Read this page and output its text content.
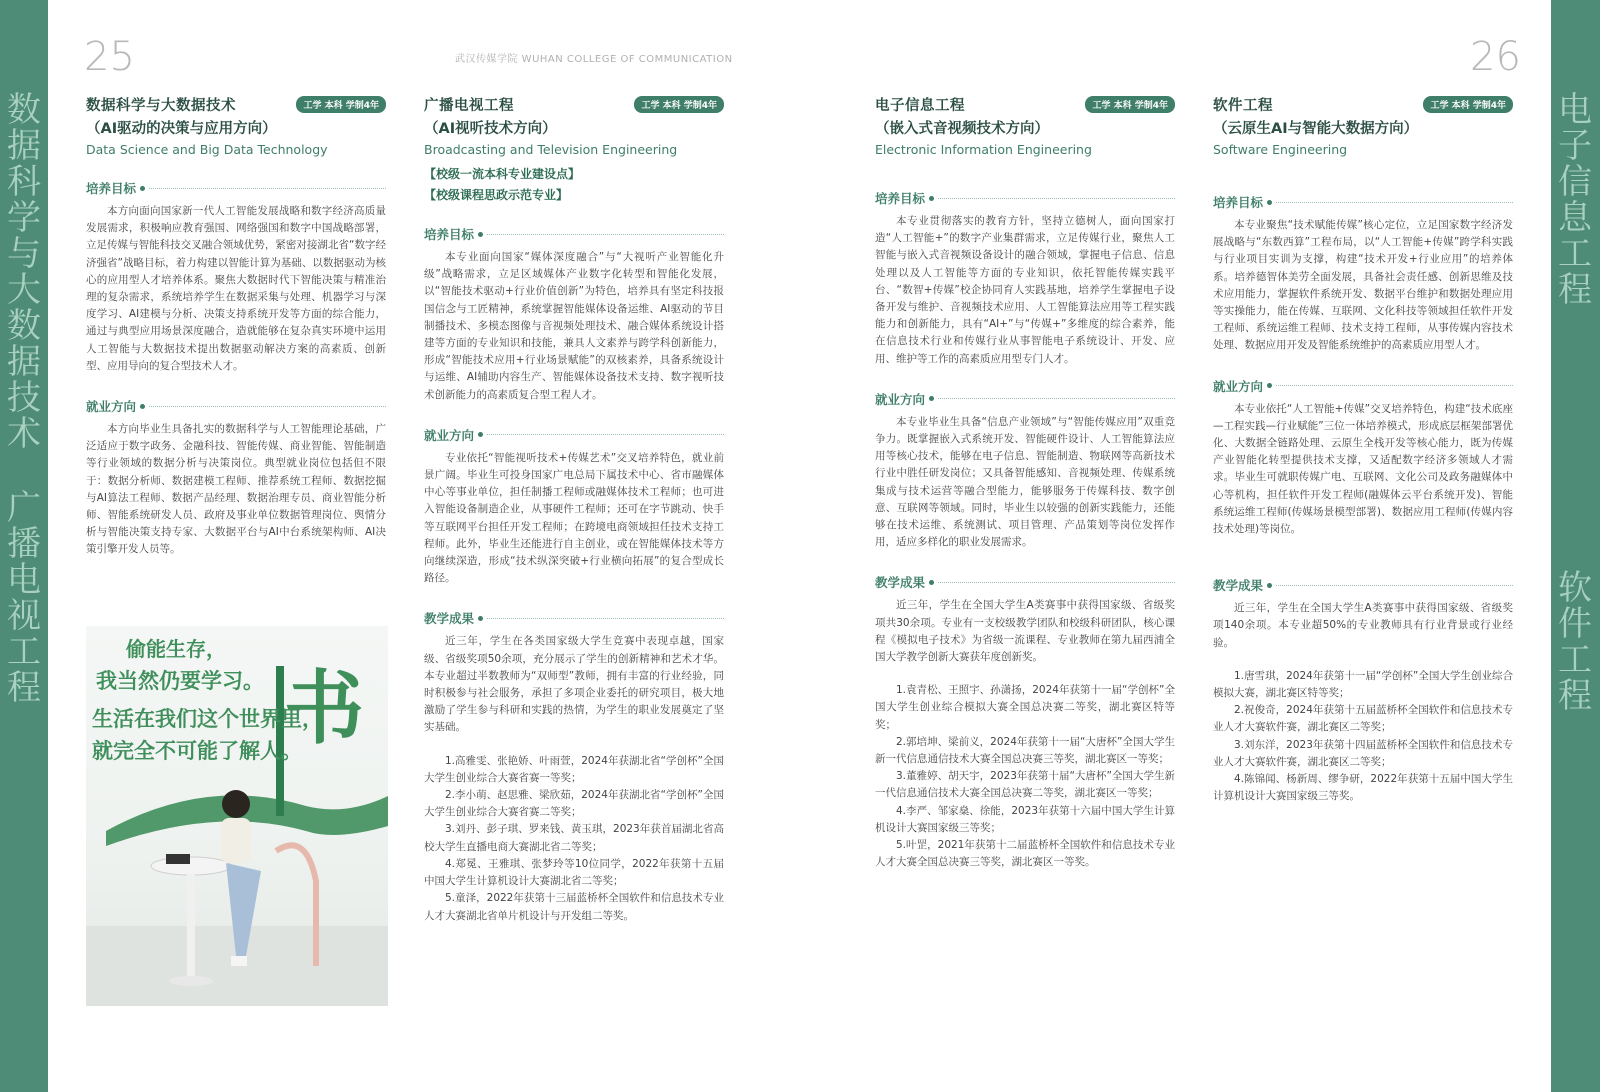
数据科学与大数据技术
广播电视工程
电子信息工程
软件工程
25	26
武汉传媒学院 WUHAN COLLEGE OF COMMUNICATION
数据科学与大数据技术	工学 本科 学制4年
（AI驱动的决策与应用方向）
Data Science and Big Data Technology
培养目标

本方向面向国家新一代人工智能发展战略和数字经济高质量发展需求，积极响应教育强国、网络强国和数字中国战略部署，立足传媒与智能科技交叉融合领域优势，紧密对接湖北省“数字经济强省”战略目标，着力构建以智能计算为基础、以数据驱动为核心的应用型人才培养体系。聚焦大数据时代下智能决策与精准治理的复杂需求，系统培养学生在数据采集与处理、机器学习与深度学习、AI建模与分析、决策支持系统开发等方面的综合能力，通过与典型应用场景深度融合，造就能够在复杂真实环境中运用人工智能与大数据技术提出数据驱动解决方案的高素质、创新型、应用导向的复合型技术人才。

就业方向

本方向毕业生具备扎实的数据科学与人工智能理论基础，广泛适应于数字政务、金融科技、智能传媒、商业智能、智能制造等行业领域的数据分析与决策岗位。典型就业岗位包括但不限于：数据分析师、数据建模工程师、推荐系统工程师、数据挖掘与AI算法工程师、数据产品经理、数据治理专员、商业智能分析师、智能系统研发人员、政府及事业单位数据管理岗位、舆情分析与智能决策支持专家、大数据平台与AI中台系统架构师、AI决策引擎开发人员等。

偷能生存，
我当然仍要学习。
生活在我们这个世界里，
就完全不可能了解人。
书
广播电视工程	工学 本科 学制4年
（AI视听技术方向）
Broadcasting and Television Engineering
【校级一流本科专业建设点】
【校级课程思政示范专业】
培养目标

本专业面向国家“媒体深度融合”与“大视听产业智能化升级”战略需求，立足区域媒体产业数字化转型和智能化发展，以“智能技术驱动+行业价值创新”为特色，培养具有坚定科技报国信念与工匠精神，系统掌握智能媒体设备运维、AI驱动的节目制播技术、多模态图像与音视频处理技术、融合媒体系统设计搭建等方面的专业知识和技能，兼具人文素养与跨学科创新能力，形成“智能技术应用+行业场景赋能”的双核素养，具备系统设计与运维、AI辅助内容生产、智能媒体设备技术支持、数字视听技术创新能力的高素质复合型工程人才。

就业方向

专业依托“智能视听技术+传媒艺术”交叉培养特色，就业前景广阔。毕业生可投身国家广电总局下属技术中心、省市融媒体中心等事业单位，担任制播工程师或融媒体技术工程师；也可进入智能设备制造企业，从事硬件工程师；还可在字节跳动、快手等互联网平台担任开发工程师；在跨境电商领域担任技术支持工程师。此外，毕业生还能进行自主创业，或在智能媒体技术等方向继续深造，形成“技术纵深突破+行业横向拓展”的复合型成长路径。

教学成果

近三年，学生在各类国家级大学生竞赛中表现卓越，国家级、省级奖项50余项，充分展示了学生的创新精神和艺术才华。本专业超过半数教师为“双师型”教师，拥有丰富的行业经验，同时积极参与社会服务，承担了多项企业委托的研究项目，极大地激励了学生参与科研和实践的热情，为学生的职业发展奠定了坚实基础。

1.高雅雯、张艳娇、叶雨萱，2024年获湖北省“学创杯”全国大学生创业综合大赛省赛一等奖；

2.李小萌、赵思雅、梁欣茹，2024年获湖北省“学创杯”全国大学生创业综合大赛省赛二等奖；

3.刘丹、彭子琪、罗来钱、黄玉琪，2023年获首届湖北省高校大学生直播电商大赛湖北省二等奖；

4.郑冕、王雅琪、张梦玲等10位同学，2022年获第十五届中国大学生计算机设计大赛湖北省二等奖；

5.童泽，2022年获第十三届蓝桥杯全国软件和信息技术专业人才大赛湖北省单片机设计与开发组二等奖。

电子信息工程	工学 本科 学制4年
（嵌入式音视频技术方向）
Electronic Information Engineering
培养目标

本专业贯彻落实的教育方针，坚持立德树人，面向国家打造“人工智能+”的数字产业集群需求，立足传媒行业，聚焦人工智能与嵌入式音视频设备设计的融合领域，掌握电子信息、信息处理以及人工智能等方面的专业知识，依托智能传媒实践平台、“数智+传媒”校企协同育人实践基地，培养学生掌握电子设备开发与维护、音视频技术应用、人工智能算法应用等工程实践能力和创新能力，具有“AI+”与“传媒+”多维度的综合素养，能在信息技术行业和传媒行业从事智能电子系统设计、开发、应用、维护等工作的高素质应用型专门人才。

就业方向

本专业毕业生具备“信息产业领域”与“智能传媒应用”双重竞争力。既掌握嵌入式系统开发、智能硬件设计、人工智能算法应用等核心技术，能够在电子信息、智能制造、物联网等高新技术行业中胜任研发岗位；又具备智能感知、音视频处理、传媒系统集成与技术运营等融合型能力，能够服务于传媒科技、数字创意、互联网等领域。同时，毕业生以较强的创新实践能力，还能够在技术运维、系统测试、项目管理、产品策划等岗位发挥作用，适应多样化的职业发展需求。

教学成果

近三年，学生在全国大学生A类赛事中获得国家级、省级奖项共30余项。专业有一支校级教学团队和校级科研团队，核心课程《模拟电子技术》为省级一流课程、专业教师在第九届西浦全国大学教学创新大赛获年度创新奖。

1.袁青松、王照宇、孙潇扬，2024年获第十一届“学创杯”全国大学生创业综合模拟大赛全国总决赛二等奖，湖北赛区特等奖；

2.郭培坤、梁前义，2024年获第十一届“大唐杯”全国大学生新一代信息通信技术大赛全国总决赛三等奖，湖北赛区一等奖；

3.董雅婷、胡天宇，2023年获第十届“大唐杯”全国大学生新一代信息通信技术大赛全国总决赛二等奖，湖北赛区一等奖；

4.李严、邹家燊、徐能，2023年获第十六届中国大学生计算机设计大赛国家级三等奖；

5.叶罡，2021年获第十二届蓝桥杯全国软件和信息技术专业人才大赛全国总决赛三等奖，湖北赛区一等奖。

软件工程	工学 本科 学制4年
（云原生AI与智能大数据方向）
Software Engineering
培养目标

本专业聚焦“技术赋能传媒”核心定位，立足国家数字经济发展战略与“东数西算”工程布局，以“人工智能+传媒”跨学科实践与行业项目实训为支撑，构建“技术开发+行业应用”的培养体系。培养德智体美劳全面发展，具备社会责任感、创新思维及技术应用能力，掌握软件系统开发、数据平台维护和数据处理应用等实操能力，能在传媒、互联网、文化科技等领域担任软件开发工程师、系统运维工程师、技术支持工程师，从事传媒内容技术处理、数据应用开发及智能系统维护的高素质应用型人才。

就业方向

本专业依托“人工智能+传媒”交叉培养特色，构建“技术底座—工程实践—行业赋能”三位一体培养模式，形成底层框架部署优化、大数据全链路处理、云原生全栈开发等核心能力，既为传媒产业智能化转型提供技术支撑，又适配数字经济多领域人才需求。毕业生可就职传媒广电、互联网、文化公司及政务融媒体中心等机构，担任软件开发工程师(融媒体云平台系统开发)、智能系统运维工程师(传媒场景模型部署)、数据应用工程师(传媒内容技术处理)等岗位。

教学成果

近三年，学生在全国大学生A类赛事中获得国家级、省级奖项140余项。本专业超50%的专业教师具有行业背景或行业经验。

1.唐雪琪，2024年获第十一届“学创杯”全国大学生创业综合模拟大赛，湖北赛区特等奖；

2.祝俊奇，2024年获第十五届蓝桥杯全国软件和信息技术专业人才大赛软件赛，湖北赛区二等奖；

3.刘东洋，2023年获第十四届蓝桥杯全国软件和信息技术专业人才大赛软件赛，湖北赛区二等奖；

4.陈锦闻、杨新周、缪争研，2022年获第十五届中国大学生计算机设计大赛国家级三等奖。
